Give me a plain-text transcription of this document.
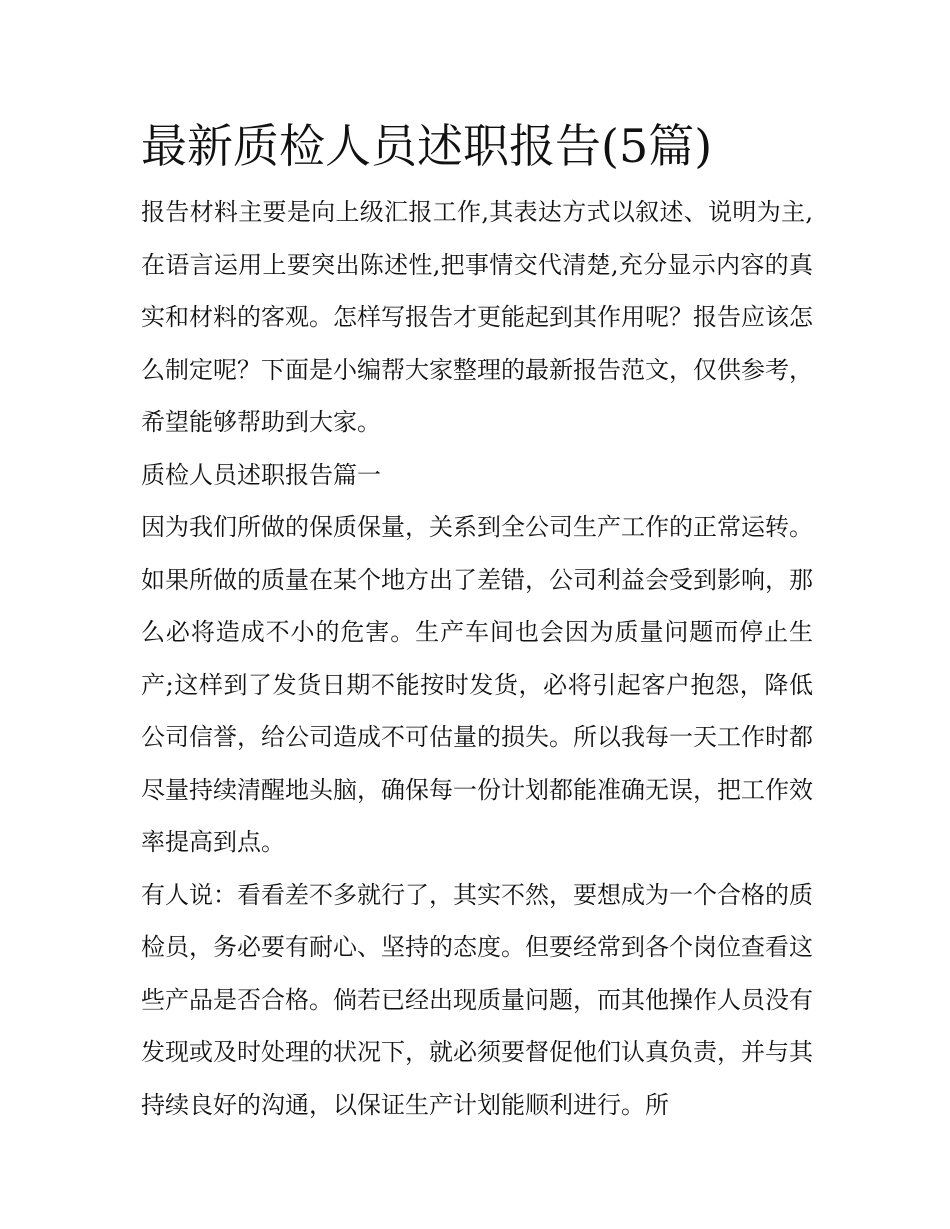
最新质检人员述职报告(5篇)

报告材料主要是向上级汇报工作,其表达方式以叙述、说明为主,在语言运用上要突出陈述性,把事情交代清楚,充分显示内容的真实和材料的客观。怎样写报告才更能起到其作用呢？报告应该怎么制定呢？下面是小编帮大家整理的最新报告范文，仅供参考，希望能够帮助到大家。

质检人员述职报告篇一

因为我们所做的保质保量，关系到全公司生产工作的正常运转。如果所做的质量在某个地方出了差错，公司利益会受到影响，那么必将造成不小的危害。生产车间也会因为质量问题而停止生产;这样到了发货日期不能按时发货，必将引起客户抱怨，降低公司信誉，给公司造成不可估量的损失。所以我每一天工作时都尽量持续清醒地头脑，确保每一份计划都能准确无误，把工作效率提高到点。

有人说：看看差不多就行了，其实不然，要想成为一个合格的质检员，务必要有耐心、坚持的态度。但要经常到各个岗位查看这些产品是否合格。倘若已经出现质量问题，而其他操作人员没有发现或及时处理的状况下，就必须要督促他们认真负责，并与其持续良好的沟通，以保证生产计划能顺利进行。所
